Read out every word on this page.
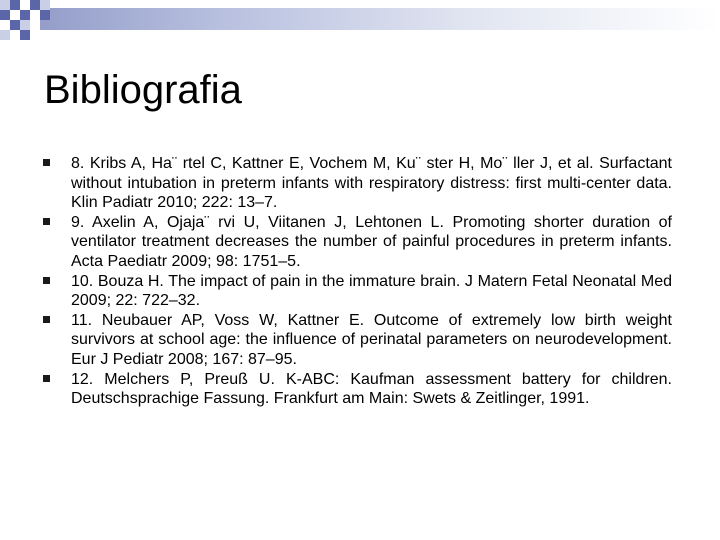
Bibliografia
8. Kribs A, Ha¨ rtel C, Kattner E, Vochem M, Ku¨ ster H, Mo¨ ller J, et al. Surfactant without intubation in preterm infants with respiratory distress: first multi-center data. Klin Padiatr 2010; 222: 13–7.
9. Axelin A, Ojaja¨ rvi U, Viitanen J, Lehtonen L. Promoting shorter duration of ventilator treatment decreases the number of painful procedures in preterm infants. Acta Paediatr 2009; 98: 1751–5.
10. Bouza H. The impact of pain in the immature brain. J Matern Fetal Neonatal Med 2009; 22: 722–32.
11. Neubauer AP, Voss W, Kattner E. Outcome of extremely low birth weight survivors at school age: the influence of perinatal parameters on neurodevelopment. Eur J Pediatr 2008; 167: 87–95.
12. Melchers P, Preuß U. K-ABC: Kaufman assessment battery for children. Deutschsprachige Fassung. Frankfurt am Main: Swets & Zeitlinger, 1991.
